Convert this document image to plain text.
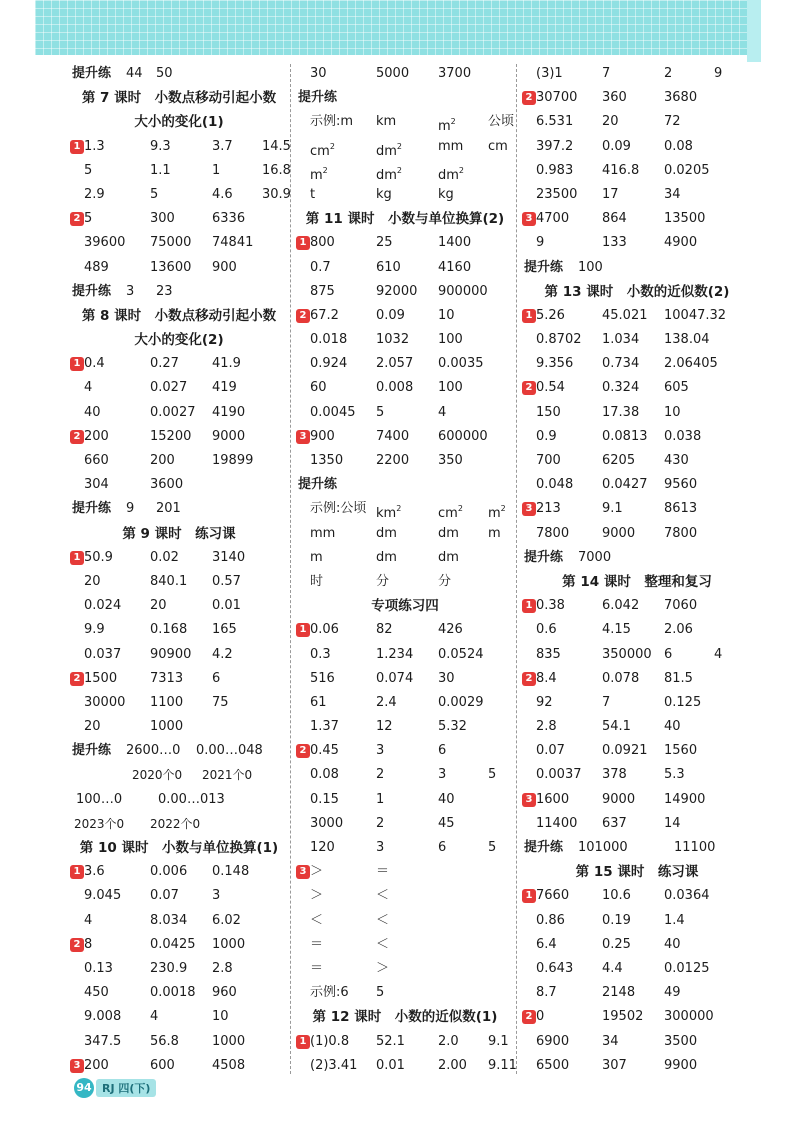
提升练 44 50
第 7 课时　小数点移动引起小数
大小的变化(1)
1 1.3	9.3	3.7 14.5
5	1.1	1	16.8
2.9	5	4.6 30.9
2 5	300	6336
39600 75000 74841
489	13600 900
提升练 3 23
第 8 课时　小数点移动引起小数
大小的变化(2)
1 0.4	0.27	41.9
4	0.027 419
40	0.0027 4190
2 200	15200 9000
660	200	19899
304	3600
提升练 9 201
第 9 课时　练习课
1 50.9	0.02	3140
20	840.1 0.57
0.024 20	0.01
9.9	0.168 165
0.037 90900 4.2
2 1500	7313 6
30000 1100 75
20	1000
提升练 2600…0 0.00…048
2020个0 2021个0
100…0	0.00…013
2023个0 2022个0
第 10 课时　小数与单位换算(1)
1 3.6	0.006 0.148
9.045 0.07	3
4	8.034 6.02
2 8	0.0425 1000
0.13	230.9 2.8
450	0.0018 960
9.008 4	10
347.5 56.8	1000
3 200	600	4508
30	5000 3700
提升练
示例:m km	$m^2$ 公顷
$cm^2$	$dm^2$	mm cm
$m^2$	$dm^2$	$dm^2$
t	kg	kg
第 11 课时　小数与单位换算(2)
1 800	25	1400
0.7	610	4160
875	92000 900000
2 67.2	0.09	10
0.018 1032 100
0.924 2.057 0.0035
60	0.008 100
0.0045 5	4
3 900	7400 600000
1350	2200 350
提升练
示例:公顷 $km^2$	$cm^2$ $m^2$
mm	dm	dm m
m	dm	dm
时	分	分
专项练习四
1 0.06	82	426
0.3	1.234 0.0524
516	0.074 30
61	2.4	0.0029
1.37	12	5.32
2 0.45	3	6
0.08	2	3	5
0.15	1	40
3000	2	45
120	3	6	5
3 ＞	＝
＞	＜
＜	＜
＝	＜
＝	＞
示例:6 5
第 12 课时　小数的近似数(1)
1 (1)0.8 52.1	2.0 9.1
(2)3.41 0.01	2.00 9.11
(3)1	7	2	9
2 30700 360	3680
6.531 20	72
397.2 0.09	0.08
0.983 416.8 0.0205
23500 17	34
3 4700	864	13500
9	133	4900
提升练 100
第 13 课时　小数的近似数(2)
1 5.26	45.021 10047.32
0.8702 1.034 138.04
9.356 0.734 2.06405
2 0.54	0.324 605
150	17.38 10
0.9	0.0813 0.038
700	6205 430
0.048 0.0427 9560
3 213	9.1	8613
7800	9000 7800
提升练 7000
第 14 课时　整理和复习
1 0.38	6.042 7060
0.6	4.15	2.06
835	350000 6	4
2 8.4	0.078 81.5
92	7	0.125
2.8	54.1	40
0.07	0.0921 1560
0.0037 378	5.3
3 1600	9000 14900
11400 637	14
提升练 101000	11100
第 15 课时　练习课
1 7660	10.6	0.0364
0.86	0.19	1.4
6.4	0.25	40
0.643 4.4	0.0125
8.7	2148 49
2 0	19502 300000
6900	34	3500
6500	307	9900
94 RJ 四(下)
